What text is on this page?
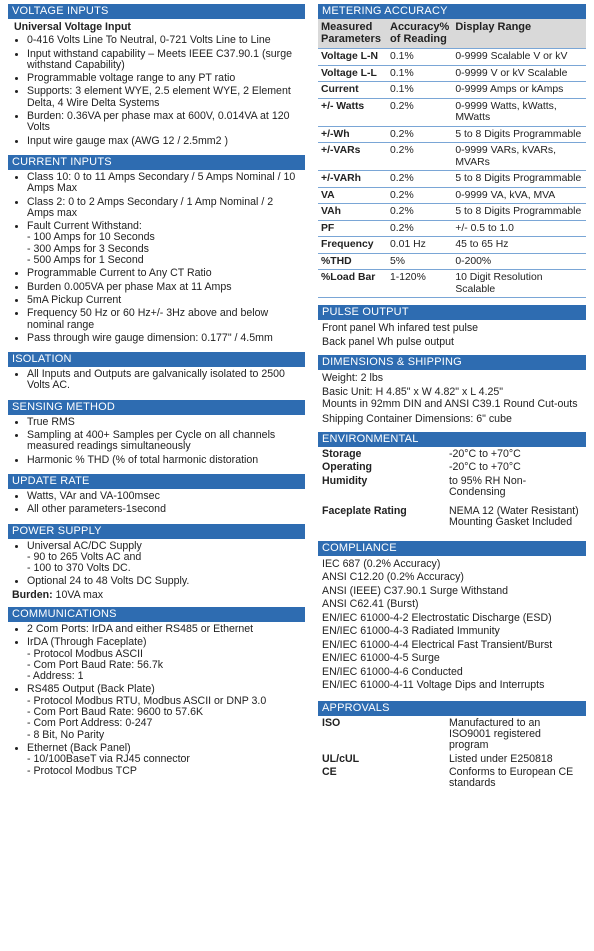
VOLTAGE INPUTS
Universal Voltage Input
• 0-416 Volts Line To Neutral, 0-721 Volts Line to Line
• Input withstand capability – Meets IEEE C37.90.1 (surge withstand Capability)
• Programmable voltage range to any PT ratio
• Supports: 3 element WYE, 2.5 element WYE, 2 Element Delta, 4 Wire Delta Systems
• Burden: 0.36VA per phase max at 600V, 0.014VA at 120 Volts
• Input wire gauge max (AWG 12 / 2.5mm2 )
CURRENT INPUTS
• Class 10: 0 to 11 Amps Secondary / 5 Amps Nominal / 10 Amps Max
• Class 2: 0 to 2 Amps Secondary / 1 Amp Nominal / 2 Amps max
• Fault Current Withstand:
- 100 Amps for 10 Seconds
- 300 Amps for 3 Seconds
- 500 Amps for 1 Second
• Programmable Current to Any CT Ratio
• Burden 0.005VA per phase Max at 11 Amps
• 5mA Pickup Current
• Frequency 50 Hz or 60 Hz+/- 3Hz above and below nominal range
• Pass through wire gauge dimension: 0.177" / 4.5mm
ISOLATION
• All Inputs and Outputs are galvanically isolated to 2500 Volts AC.
SENSING METHOD
• True RMS
• Sampling at 400+ Samples per Cycle on all channels measured readings simultaneously
• Harmonic % THD (% of total harmonic distoration
UPDATE RATE
• Watts, VAr and VA-100msec
• All other parameters-1second
POWER SUPPLY
• Universal AC/DC Supply
- 90 to 265 Volts AC and
- 100 to 370 Volts DC.
• Optional 24 to 48 Volts DC Supply.
Burden: 10VA max
COMMUNICATIONS
• 2 Com Ports: IrDA and either RS485 or Ethernet
• IrDA (Through Faceplate)
- Protocol Modbus ASCII
- Com Port Baud Rate: 56.7k
- Address: 1
• RS485 Output (Back Plate)
- Protocol Modbus RTU, Modbus ASCII or DNP 3.0
- Com Port Baud Rate: 9600 to 57.6K
- Com Port Address: 0-247
- 8 Bit, No Parity
• Ethernet (Back Panel)
- 10/100BaseT via RJ45 connector
- Protocol Modbus TCP
METERING ACCURACY
Measured Parameters	Accuracy% of Reading	Display Range
Voltage L-N	0.1%	0-9999 Scalable V or kV
Voltage L-L	0.1%	0-9999 V or kV Scalable
Current	0.1%	0-9999 Amps or kAmps
+/- Watts	0.2%	0-9999 Watts, kWatts, MWatts
+/-Wh	0.2%	5 to 8 Digits Programmable
+/-VARs	0.2%	0-9999 VARs, kVARs, MVARs
+/-VARh	0.2%	5 to 8 Digits Programmable
VA	0.2%	0-9999 VA, kVA, MVA
VAh	0.2%	5 to 8 Digits Programmable
PF	0.2%	+/- 0.5 to 1.0
Frequency	0.01 Hz	45 to 65 Hz
%THD	5%	0-200%
%Load Bar	1-120%	10 Digit Resolution Scalable
PULSE OUTPUT
Front panel Wh infared test pulse
Back panel Wh pulse output
DIMENSIONS & SHIPPING
Weight: 2 lbs
Basic Unit: H 4.85" x W 4.82" x L 4.25"
Mounts in 92mm DIN and ANSI C39.1 Round Cut-outs
Shipping Container Dimensions: 6" cube
ENVIRONMENTAL
Storage	-20°C to +70°C
Operating	-20°C to +70°C
Humidity	to 95% RH Non-Condensing
Faceplate Rating	NEMA 12 (Water Resistant) Mounting Gasket Included
COMPLIANCE
IEC 687 (0.2% Accuracy)
ANSI C12.20 (0.2% Accuracy)
ANSI (IEEE) C37.90.1 Surge Withstand
ANSI C62.41 (Burst)
EN/IEC 61000-4-2 Electrostatic Discharge (ESD)
EN/IEC 61000-4-3 Radiated Immunity
EN/IEC 61000-4-4 Electrical Fast Transient/Burst
EN/IEC 61000-4-5 Surge
EN/IEC 61000-4-6 Conducted
EN/IEC 61000-4-11 Voltage Dips and Interrupts
APPROVALS
ISO	Manufactured to an ISO9001 registered program
UL/cUL	Listed under E250818
CE	Conforms to European CE standards
